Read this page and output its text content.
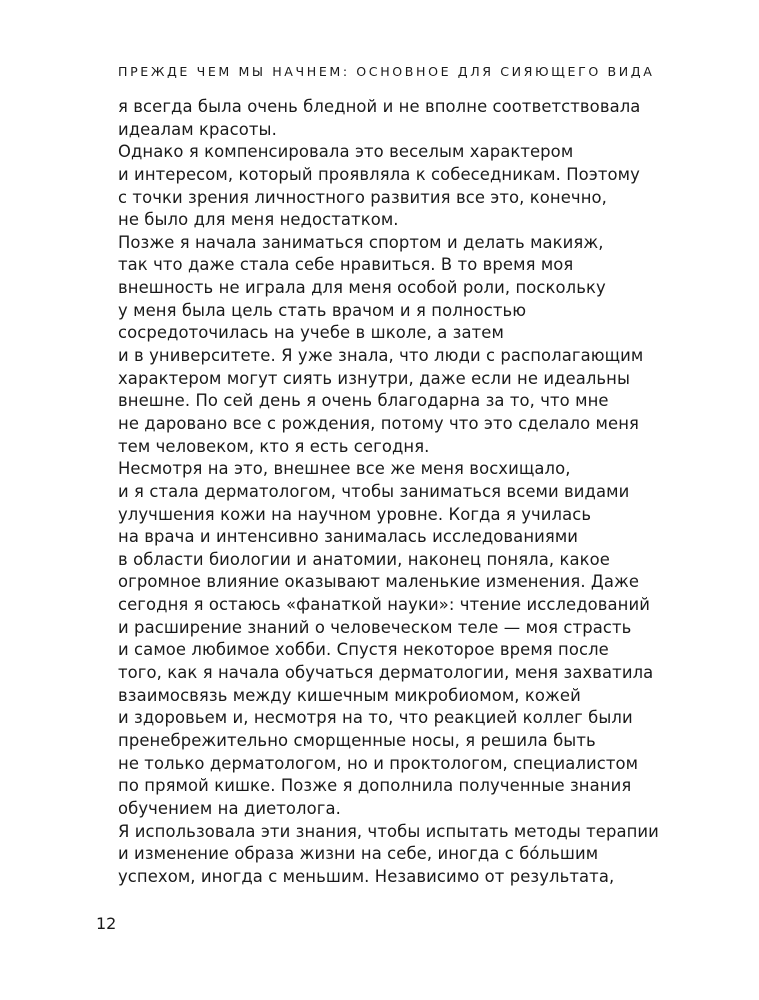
ПРЕЖДЕ ЧЕМ МЫ НАЧНЕМ: ОСНОВНОЕ ДЛЯ СИЯЮЩЕГО ВИДА
я всегда была очень бледной и не вполне соответствовала
идеалам красоты.
Однако я компенсировала это веселым характером
и интересом, который проявляла к собеседникам. Поэтому
с точки зрения личностного развития все это, конечно,
не было для меня недостатком.
Позже я начала заниматься спортом и делать макияж,
так что даже стала себе нравиться. В то время моя
внешность не играла для меня особой роли, поскольку
у меня была цель стать врачом и я полностью
сосредоточилась на учебе в школе, а затем
и в университете. Я уже знала, что люди с располагающим
характером могут сиять изнутри, даже если не идеальны
внешне. По сей день я очень благодарна за то, что мне
не даровано все с рождения, потому что это сделало меня
тем человеком, кто я есть сегодня.
Несмотря на это, внешнее все же меня восхищало,
и я стала дерматологом, чтобы заниматься всеми видами
улучшения кожи на научном уровне. Когда я училась
на врача и интенсивно занималась исследованиями
в области биологии и анатомии, наконец поняла, какое
огромное влияние оказывают маленькие изменения. Даже
сегодня я остаюсь «фанаткой науки»: чтение исследований
и расширение знаний о человеческом теле — моя страсть
и самое любимое хобби. Спустя некоторое время после
того, как я начала обучаться дерматологии, меня захватила
взаимосвязь между кишечным микробиомом, кожей
и здоровьем и, несмотря на то, что реакцией коллег были
пренебрежительно сморщенные носы, я решила быть
не только дерматологом, но и проктологом, специалистом
по прямой кишке. Позже я дополнила полученные знания
обучением на диетолога.
Я использовала эти знания, чтобы испытать методы терапии
и изменение образа жизни на себе, иногда с бо́льшим
успехом, иногда с меньшим. Независимо от результата,
12
